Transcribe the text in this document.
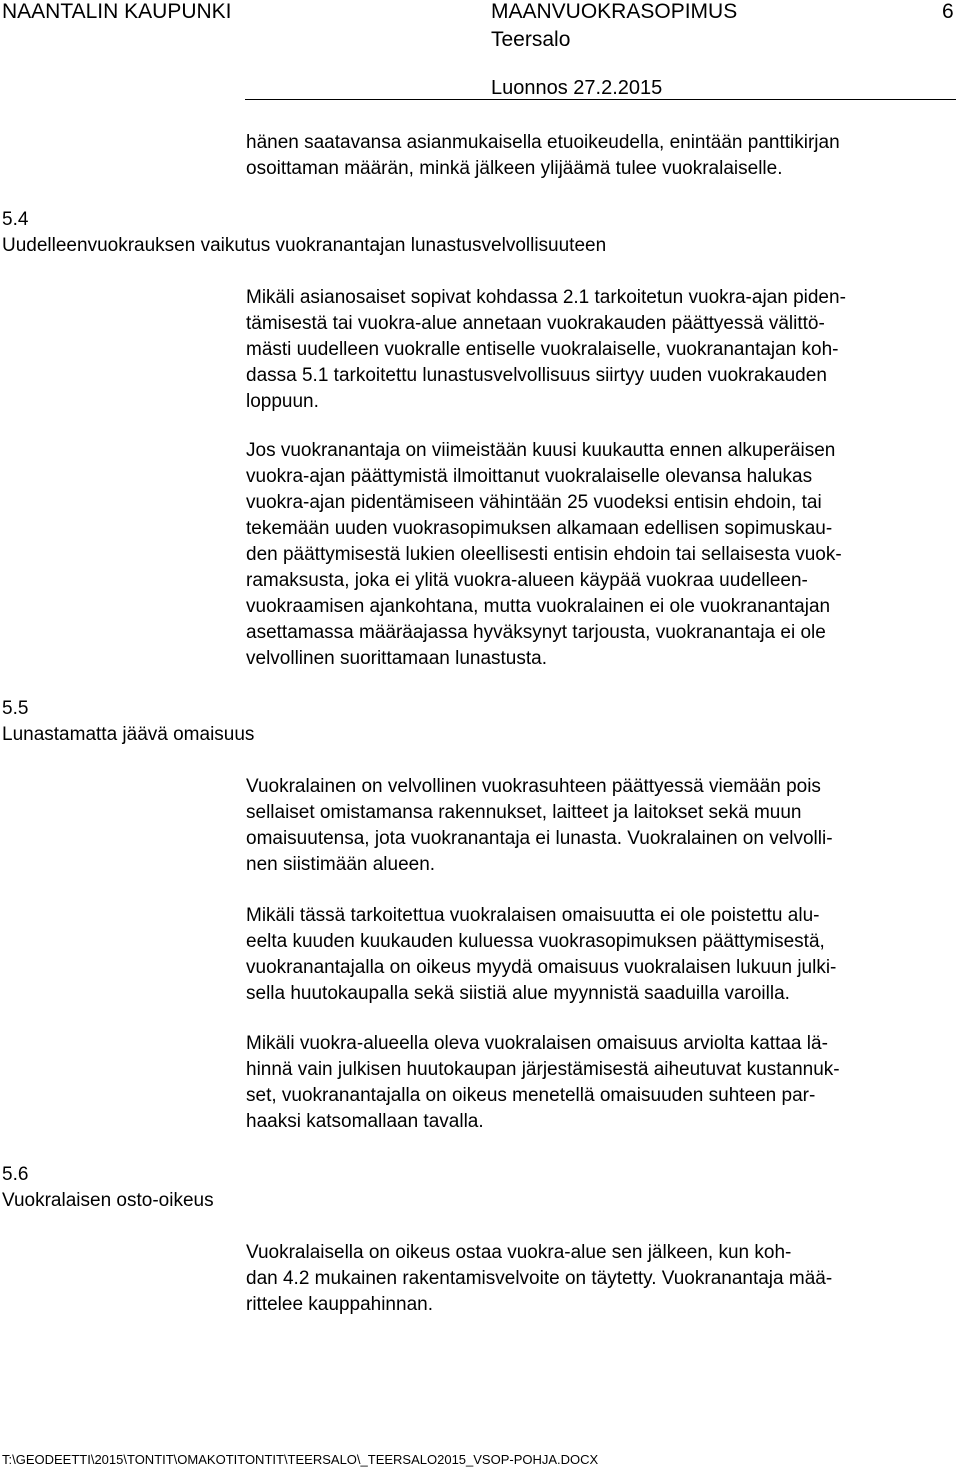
NAANTALIN KAUPUNKI	MAANVUOKRASOPIMUS	6
Teersalo
Luonnos 27.2.2015
hänen saatavansa asianmukaisella etuoikeudella, enintään panttikirjan
osoittaman määrän, minkä jälkeen ylijäämä tulee vuokralaiselle.
5.4
Uudelleenvuokrauksen vaikutus vuokranantajan lunastusvelvollisuuteen
Mikäli asianosaiset sopivat kohdassa 2.1 tarkoitetun vuokra-ajan piden-
tämisestä tai vuokra-alue annetaan vuokrakauden päättyessä välittö-
mästi uudelleen vuokralle entiselle vuokralaiselle, vuokranantajan koh-
dassa 5.1 tarkoitettu lunastusvelvollisuus siirtyy uuden vuokrakauden
loppuun.
Jos vuokranantaja on viimeistään kuusi kuukautta ennen alkuperäisen
vuokra-ajan päättymistä ilmoittanut vuokralaiselle olevansa halukas
vuokra-ajan pidentämiseen vähintään 25 vuodeksi entisin ehdoin, tai
tekemään uuden vuokrasopimuksen alkamaan edellisen sopimuskau-
den päättymisestä lukien oleellisesti entisin ehdoin tai sellaisesta vuok-
ramaksusta, joka ei ylitä vuokra-alueen käypää vuokraa uudelleen-
vuokraamisen ajankohtana, mutta vuokralainen ei ole vuokranantajan
asettamassa määräajassa hyväksynyt tarjousta, vuokranantaja ei ole
velvollinen suorittamaan lunastusta.
5.5
Lunastamatta jäävä omaisuus
Vuokralainen on velvollinen vuokrasuhteen päättyessä viemään pois
sellaiset omistamansa rakennukset, laitteet ja laitokset sekä muun
omaisuutensa, jota vuokranantaja ei lunasta. Vuokralainen on velvolli-
nen siistimään alueen.
Mikäli tässä tarkoitettua vuokralaisen omaisuutta ei ole poistettu alu-
eelta kuuden kuukauden kuluessa vuokrasopimuksen päättymisestä,
vuokranantajalla on oikeus myydä omaisuus vuokralaisen lukuun julki-
sella huutokaupalla sekä siistiä alue myynnistä saaduilla varoilla.
Mikäli vuokra-alueella oleva vuokralaisen omaisuus arviolta kattaa lä-
hinnä vain julkisen huutokaupan järjestämisestä aiheutuvat kustannuk-
set, vuokranantajalla on oikeus menetellä omaisuuden suhteen par-
haaksi katsomallaan tavalla.
5.6
Vuokralaisen osto-oikeus
Vuokralaisella on oikeus ostaa vuokra-alue sen jälkeen, kun koh-
dan 4.2 mukainen rakentamisvelvoite on täytetty. Vuokranantaja mää-
rittelee kauppahinnan.
T:\GEODEETTI\2015\TONTIT\OMAKOTITONTIT\TEERSALO\_TEERSALO2015_VSOP-POHJA.DOCX
